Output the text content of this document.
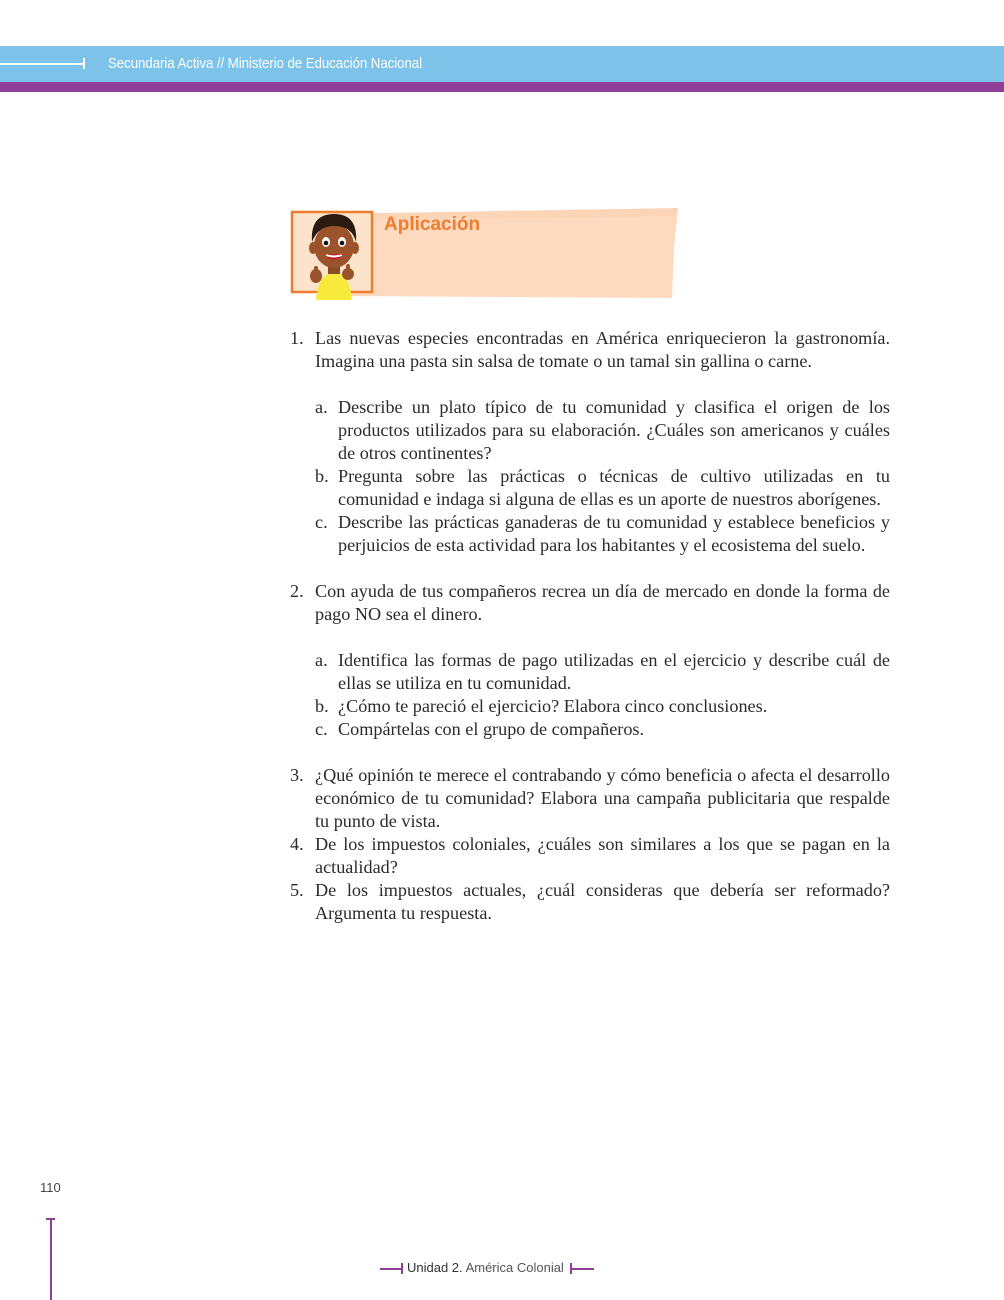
Secundaria Activa // Ministerio de Educación Nacional
Aplicación
1. Las nuevas especies encontradas en América enriquecieron la gastronomía. Imagina una pasta sin salsa de tomate o un tamal sin gallina o carne.
a. Describe un plato típico de tu comunidad y clasifica el origen de los productos utilizados para su elaboración. ¿Cuáles son americanos y cuáles de otros continentes?
b. Pregunta sobre las prácticas o técnicas de cultivo utilizadas en tu comunidad e indaga si alguna de ellas es un aporte de nuestros aborígenes.
c. Describe las prácticas ganaderas de tu comunidad y establece beneficios y perjuicios de esta actividad para los habitantes y el ecosistema del suelo.
2. Con ayuda de tus compañeros recrea un día de mercado en donde la forma de pago NO sea el dinero.
a. Identifica las formas de pago utilizadas en el ejercicio y describe cuál de ellas se utiliza en tu comunidad.
b. ¿Cómo te pareció el ejercicio? Elabora cinco conclusiones.
c. Compártelas con el grupo de compañeros.
3. ¿Qué opinión te merece el contrabando y cómo beneficia o afecta el desarrollo económico de tu comunidad? Elabora una campaña publicitaria que respalde tu punto de vista.
4. De los impuestos coloniales, ¿cuáles son similares a los que se pagan en la actualidad?
5. De los impuestos actuales, ¿cuál consideras que debería ser reformado? Argumenta tu respuesta.
110
Unidad 2. América Colonial
